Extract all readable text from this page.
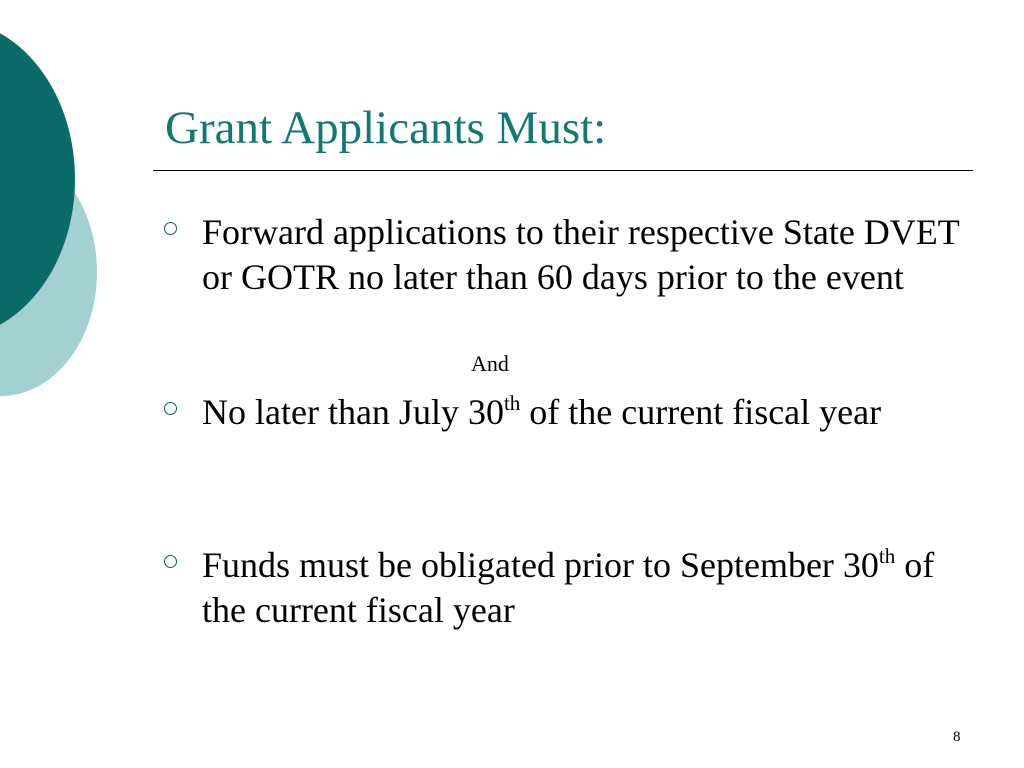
Grant Applicants Must:
Forward applications to their respective State DVET or GOTR no later than 60 days prior to the event
And
No later than July 30th of the current fiscal year
Funds must be obligated prior to September 30th of the current fiscal year
8
